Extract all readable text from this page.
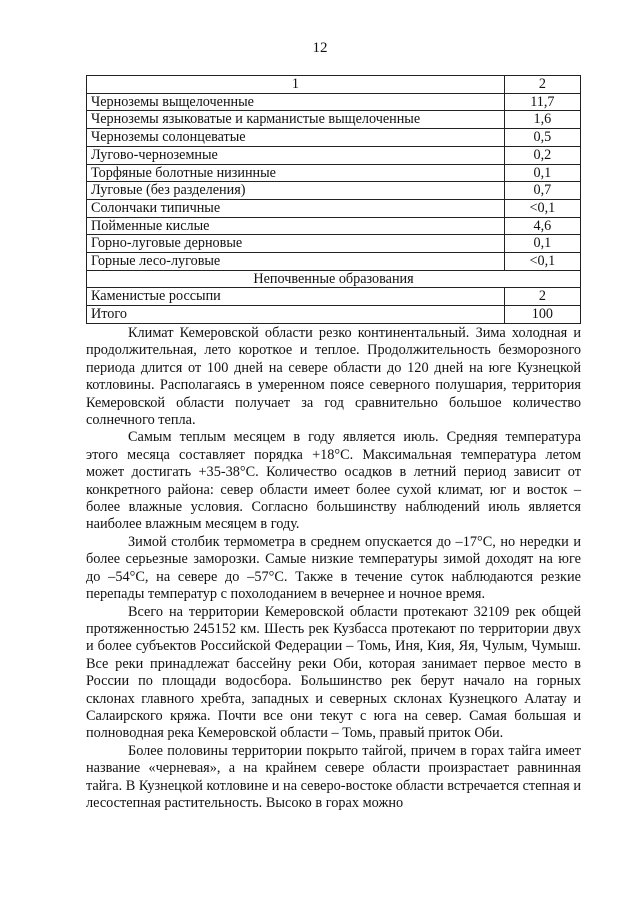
12
1	2
Черноземы выщелоченные	11,7
Черноземы языковатые и карманистые выщелоченные	1,6
Черноземы солонцеватые	0,5
Лугово-черноземные	0,2
Торфяные болотные низинные	0,1
Луговые (без разделения)	0,7
Солончаки типичные	<0,1
Пойменные кислые	4,6
Горно-луговые дерновые	0,1
Горные лесо-луговые	<0,1
Непочвенные образования	
Каменистые россыпи	2
Итого	100

Климат Кемеровской области резко континентальный. Зима холодная и продолжительная, лето короткое и теплое. Продолжительность безморозного периода длится от 100 дней на севере области до 120 дней на юге Кузнецкой котловины. Располагаясь в умеренном поясе северного полушария, территория Кемеровской области получает за год сравнительно большое количество солнечного тепла.

Самым теплым месяцем в году является июль. Средняя температура этого месяца составляет порядка +18°С. Максимальная температура летом может достигать +35-38°С. Количество осадков в летний период зависит от конкретного района: север области имеет более сухой климат, юг и восток – более влажные условия. Согласно большинству наблюдений июль является наиболее влажным месяцем в году.

Зимой столбик термометра в среднем опускается до –17°С, но нередки и более серьезные заморозки. Самые низкие температуры зимой доходят на юге до –54°С, на севере до –57°С. Также в течение суток наблюдаются резкие перепады температур с похолоданием в вечернее и ночное время.

Всего на территории Кемеровской области протекают 32109 рек общей протяженностью 245152 км. Шесть рек Кузбасса протекают по территории двух и более субъектов Российской Федерации – Томь, Иня, Кия, Яя, Чулым, Чумыш. Все реки принадлежат бассейну реки Оби, которая занимает первое место в России по площади водосбора. Большинство рек берут начало на горных склонах главного хребта, западных и северных склонах Кузнецкого Алатау и Салаирского кряжа. Почти все они текут с юга на север. Самая большая и полноводная река Кемеровской области – Томь, правый приток Оби.

Более половины территории покрыто тайгой, причем в горах тайга имеет название «черневая», а на крайнем севере области произрастает равнинная тайга. В Кузнецкой котловине и на северо-востоке области встречается степная и лесостепная растительность. Высоко в горах можно
